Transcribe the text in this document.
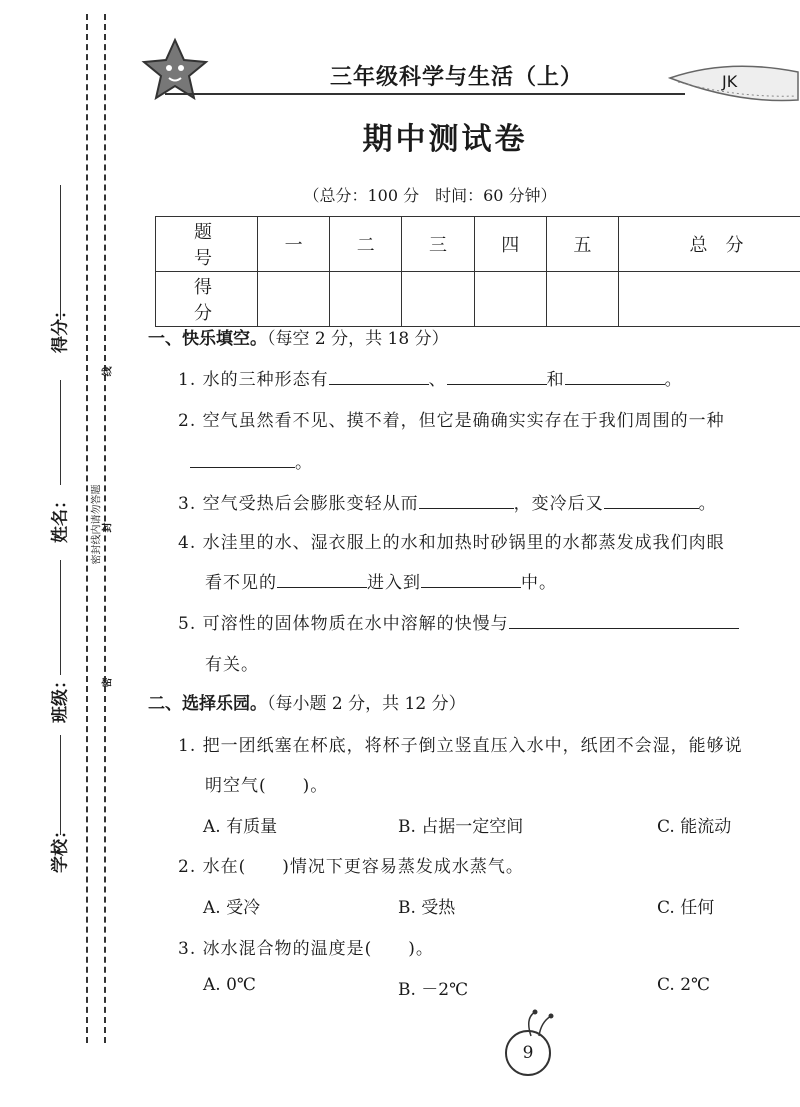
得分：
姓名：
班级：
学校：
线
封
密
密封线内请勿答题
三年级科学与生活（上）	JK
期中测试卷
（总分：100 分　时间：60 分钟）
题　号	一	二	三	四	五	总　分
得　分						
一、快乐填空。（每空 2 分，共 18 分）
1. 水的三种形态有	、	和	。
2. 空气虽然看不见、摸不着，但它是确确实实存在于我们周围的一种
。
3. 空气受热后会膨胀变轻从而	，变冷后又	。
4. 水洼里的水、湿衣服上的水和加热时砂锅里的水都蒸发成我们肉眼
看不见的	进入到	中。
5. 可溶性的固体物质在水中溶解的快慢与
有关。
二、选择乐园。（每小题 2 分，共 12 分）
1. 把一团纸塞在杯底，将杯子倒立竖直压入水中，纸团不会湿，能够说
明空气(　　)。
A. 有质量	B. 占据一定空间	C. 能流动
2. 水在(　　)情况下更容易蒸发成水蒸气。
A. 受冷	B. 受热	C. 任何
3. 冰水混合物的温度是(　　)。
A. 0℃	B. －2℃	C. 2℃
9
